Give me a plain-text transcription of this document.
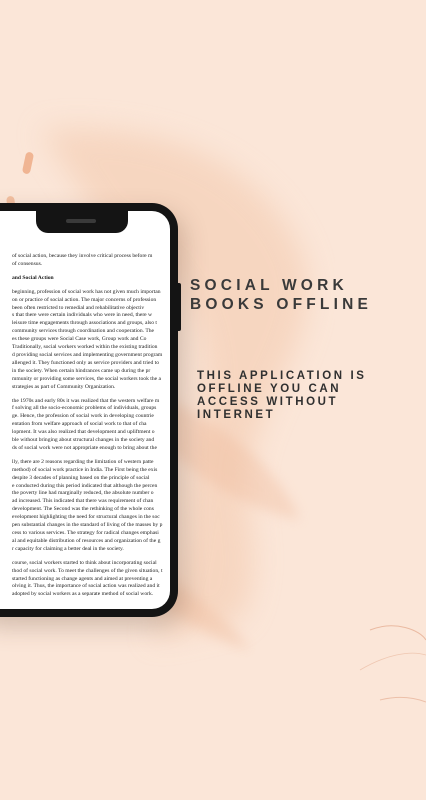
of social action, because they involve critical process before m
of consensus.

and Social Action

beginning, profession of social work has not given much importan
on or practice of social action. The major concerns of profession
been often restricted to remedial and rehabilitative objectiv
s that there were certain individuals who were in need, there w
leisure time engagements through associations and groups, also t
community services through coordination and cooperation. The
es these groups were Social Case work, Group work and Co
Traditionally, social workers worked within the existing tradition
d providing social services and implementing government program
allenged it. They functioned only as service providers and tried to
in the society. When certain hindrances came up during the pr
mmunity or providing some services, the social workers took the a
strategies as part of Community Organization.

the 1970s and early 80s it was realized that the western welfare m
f solving all the socio-economic problems of individuals, groups
ge. Hence, the profession of social work in developing countrie
entation from welfare approach of social work to that of cha
lopment. It was also realized that development and upliftment o
ble without bringing about structural changes in the society and
ds of social work were not appropriate enough to bring about the

lly, there are 2 reasons regarding the limitation of western patte
method) of social work practice in India. The First being the exis
despite 3 decades of planning based on the principle of social
e conducted during this period indicated that although the percen
the poverty line had marginally reduced, the absolute number o
ad increased. This indicated that there was requirement of chan
development. The Second was the rethinking of the whole cons
evelopment highlighting the need for structural changes in the soc
pen substantial changes in the standard of living of the masses by p
cess to various services. The strategy for radical changes emphasi
al and equitable distribution of resources and organization of the g
r capacity for claiming a better deal in the society.

course, social workers started to think about incorporating social
thod of social work. To meet the challenges of the given situation, t
started functioning as change agents and aimed at preventing a
olving it. Thus, the importance of social action was realized and it
adopted by social workers as a separate method of social work.

SOCIAL WORK
BOOKS OFFLINE
THIS APPLICATION IS
OFFLINE YOU CAN
ACCESS WITHOUT
INTERNET
